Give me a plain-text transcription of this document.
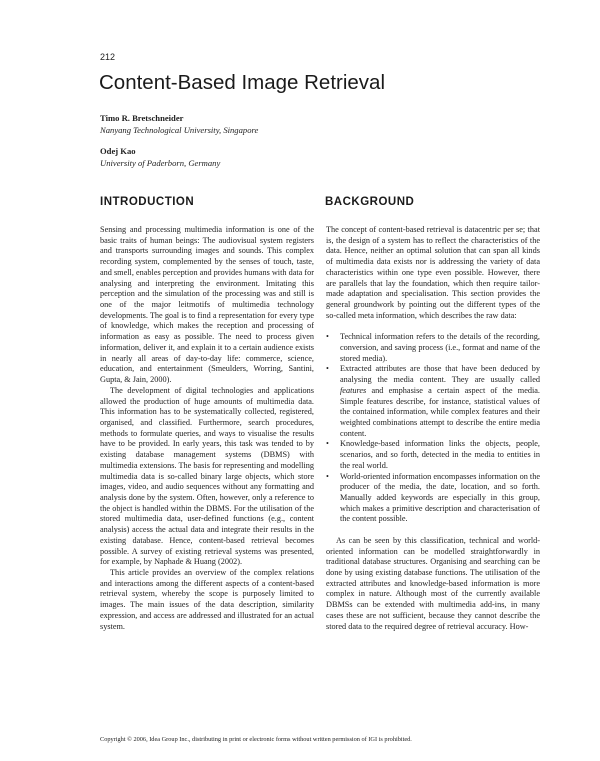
212
Content-Based Image Retrieval
Timo R. Bretschneider
Nanyang Technological University, Singapore
Odej Kao
University of Paderborn, Germany
INTRODUCTION	BACKGROUND

Sensing and processing multimedia information is one of the basic traits of human beings: The audiovisual system registers and transports surrounding images and sounds. This complex recording system, complemented by the senses of touch, taste, and smell, enables perception and provides humans with data for analysing and interpreting the environment. Imitating this perception and the simulation of the processing was and still is one of the major leitmotifs of multimedia technology developments. The goal is to find a representation for every type of knowledge, which makes the reception and processing of information as easy as possible. The need to process given information, deliver it, and explain it to a certain audience exists in nearly all areas of day-to-day life: commerce, science, education, and entertainment (Smeulders, Worring, Santini, Gupta, & Jain, 2000).

The development of digital technologies and applications allowed the production of huge amounts of multimedia data. This information has to be systematically collected, registered, organised, and classified. Furthermore, search procedures, methods to formulate queries, and ways to visualise the results have to be provided. In early years, this task was tended to by existing database management systems (DBMS) with multimedia extensions. The basis for representing and modelling multimedia data is so-called binary large objects, which store images, video, and audio sequences without any formatting and analysis done by the system. Often, however, only a reference to the object is handled within the DBMS. For the utilisation of the stored multimedia data, user-defined functions (e.g., content analysis) access the actual data and integrate their results in the existing database. Hence, content-based retrieval becomes possible. A survey of existing retrieval systems was presented, for example, by Naphade & Huang (2002).

This article provides an overview of the complex relations and interactions among the different aspects of a content-based retrieval system, whereby the scope is purposely limited to images. The main issues of the data description, similarity expression, and access are addressed and illustrated for an actual system.

The concept of content-based retrieval is datacentric per se; that is, the design of a system has to reflect the characteristics of the data. Hence, neither an optimal solution that can span all kinds of multimedia data exists nor is addressing the variety of data characteristics within one type even possible. However, there are parallels that lay the foundation, which then require tailor-made adaptation and specialisation. This section provides the general groundwork by pointing out the different types of the so-called meta information, which describes the raw data:

• Technical information refers to the details of the recording, conversion, and saving process (i.e., format and name of the stored media).
• Extracted attributes are those that have been deduced by analysing the media content. They are usually called features and emphasise a certain aspect of the media. Simple features describe, for instance, statistical values of the contained information, while complex features and their weighted combinations attempt to describe the entire media content.
• Knowledge-based information links the objects, people, scenarios, and so forth, detected in the media to entities in the real world.
• World-oriented information encompasses information on the producer of the media, the date, location, and so forth. Manually added keywords are especially in this group, which makes a primitive description and characterisation of the content possible.

As can be seen by this classification, technical and world-oriented information can be modelled straightforwardly in traditional database structures. Organising and searching can be done by using existing database functions. The utilisation of the extracted attributes and knowledge-based information is more complex in nature. Although most of the currently available DBMSs can be extended with multimedia add-ins, in many cases these are not sufficient, because they cannot describe the stored data to the required degree of retrieval accuracy. How-

Copyright © 2006, Idea Group Inc., distributing in print or electronic forms without written permission of IGI is prohibited.
